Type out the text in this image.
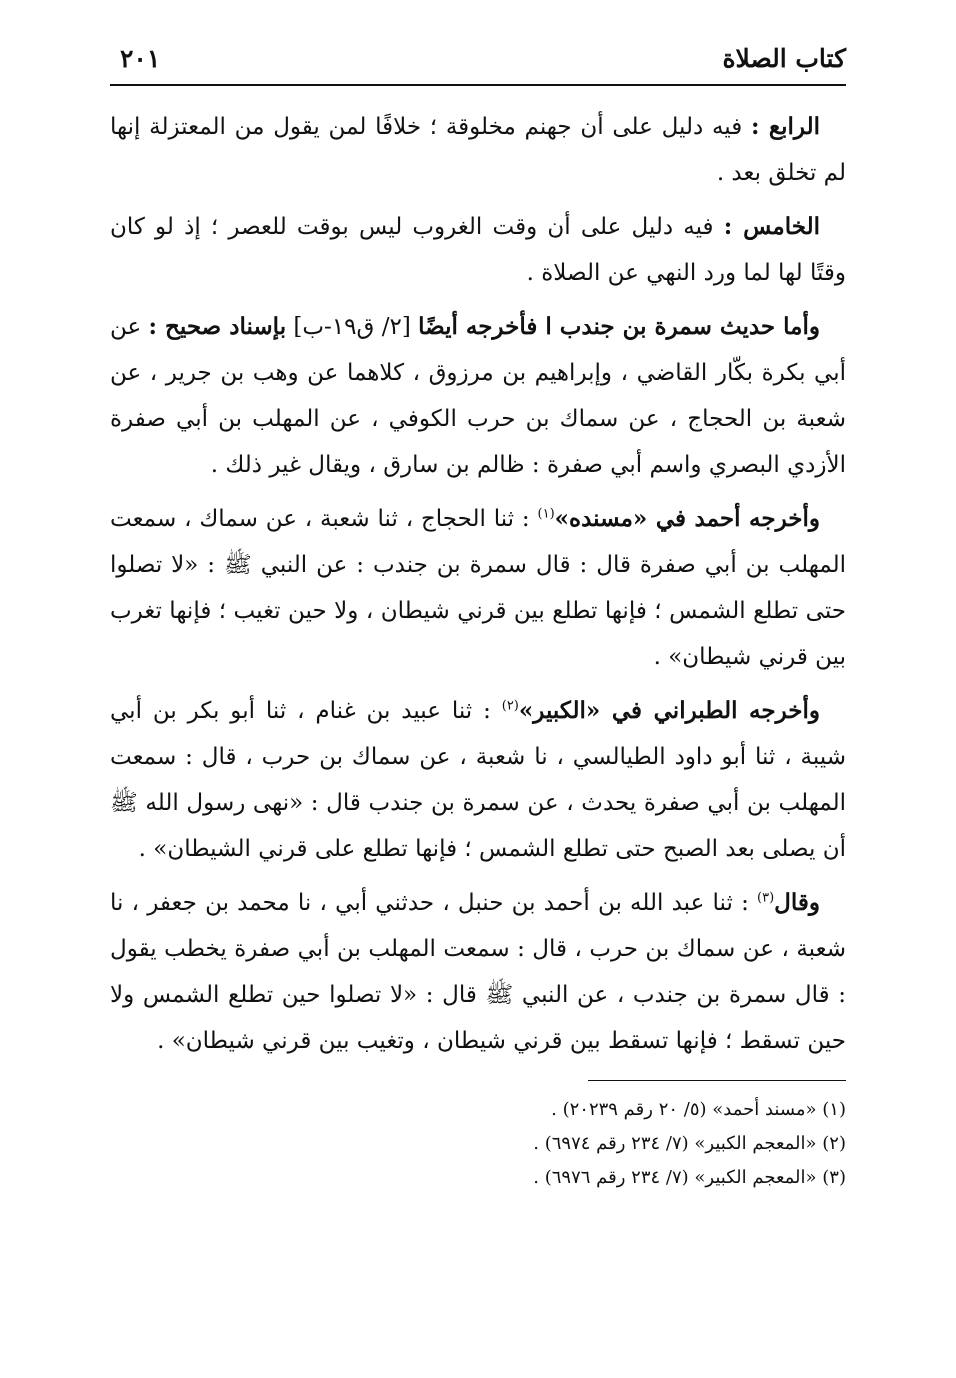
كتاب الصلاة
٢٠١

الرابع : فيه دليل على أن جهنم مخلوقة ؛ خلافًا لمن يقول من المعتزلة إنها لم تخلق بعد .

الخامس : فيه دليل على أن وقت الغروب ليس بوقت للعصر ؛ إذ لو كان وقتًا لها لما ورد النهي عن الصلاة .

وأما حديث سمرة بن جندب ا فأخرجه أيضًا [٢/ ق١٩-ب] بإسناد صحيح : عن أبي بكرة بكّار القاضي ، وإبراهيم بن مرزوق ، كلاهما عن وهب بن جرير ، عن شعبة بن الحجاج ، عن سماك بن حرب الكوفي ، عن المهلب بن أبي صفرة الأزدي البصري واسم أبي صفرة : ظالم بن سارق ، ويقال غير ذلك .

وأخرجه أحمد في «مسنده»$^{(١)}$ : ثنا الحجاج ، ثنا شعبة ، عن سماك ، سمعت المهلب بن أبي صفرة قال : قال سمرة بن جندب : عن النبي ﷺ : «لا تصلوا حتى تطلع الشمس ؛ فإنها تطلع بين قرني شيطان ، ولا حين تغيب ؛ فإنها تغرب بين قرني شيطان» .

وأخرجه الطبراني في «الكبير»$^{(٢)}$ : ثنا عبيد بن غنام ، ثنا أبو بكر بن أبي شيبة ، ثنا أبو داود الطيالسي ، نا شعبة ، عن سماك بن حرب ، قال : سمعت المهلب بن أبي صفرة يحدث ، عن سمرة بن جندب قال : «نهى رسول الله ﷺ أن يصلى بعد الصبح حتى تطلع الشمس ؛ فإنها تطلع على قرني الشيطان» .

وقال$^{(٣)}$ : ثنا عبد الله بن أحمد بن حنبل ، حدثني أبي ، نا محمد بن جعفر ، نا شعبة ، عن سماك بن حرب ، قال : سمعت المهلب بن أبي صفرة يخطب يقول : قال سمرة بن جندب ، عن النبي ﷺ قال : «لا تصلوا حين تطلع الشمس ولا حين تسقط ؛ فإنها تسقط بين قرني شيطان ، وتغيب بين قرني شيطان» .

(١) «مسند أحمد» (٥/ ٢٠ رقم ٢٠٢٣٩) .

(٢) «المعجم الكبير» (٧/ ٢٣٤ رقم ٦٩٧٤) .

(٣) «المعجم الكبير» (٧/ ٢٣٤ رقم ٦٩٧٦) .
